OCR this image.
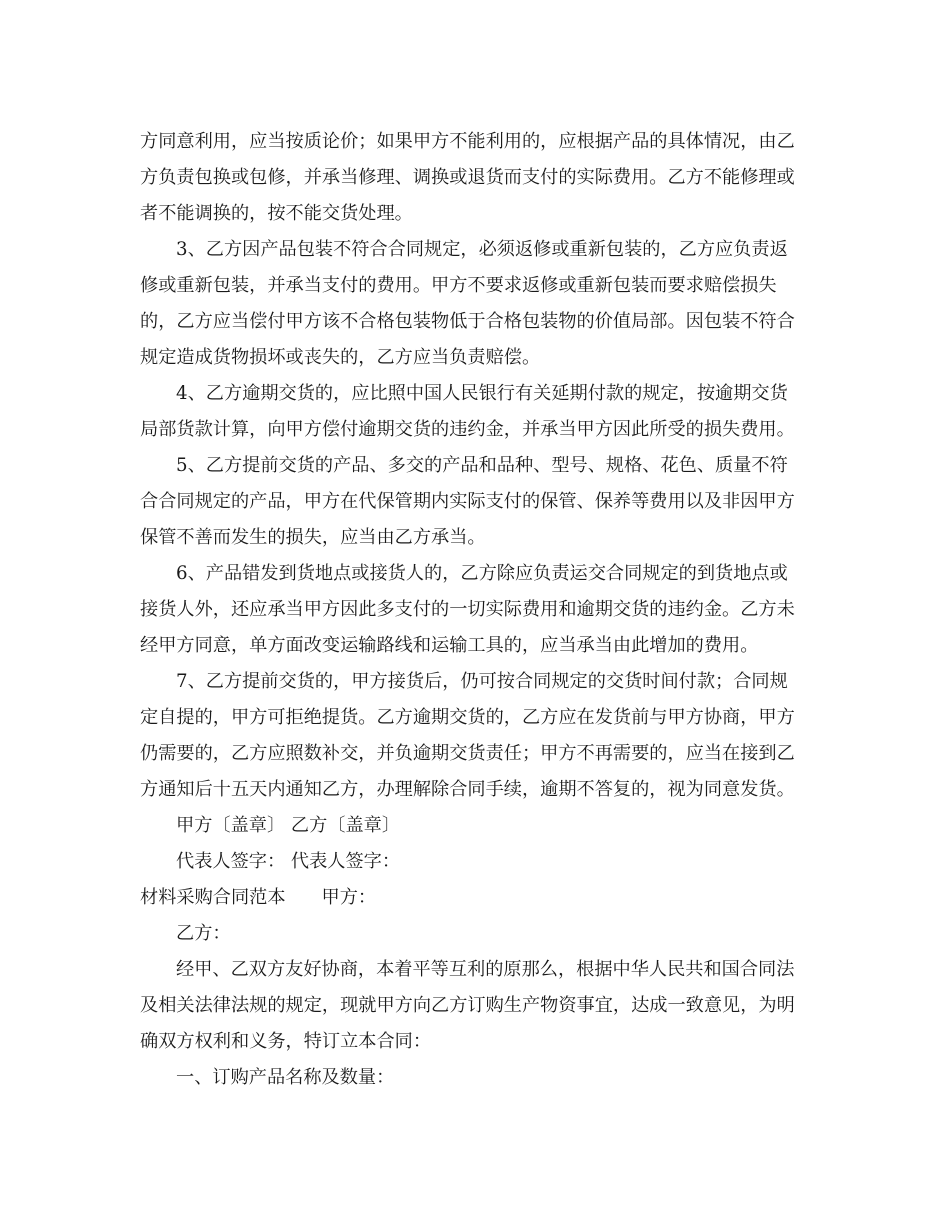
方同意利用，应当按质论价；如果甲方不能利用的，应根据产品的具体情况，由乙
方负责包换或包修，并承当修理、调换或退货而支付的实际费用。乙方不能修理或
者不能调换的，按不能交货处理。
3、乙方因产品包装不符合合同规定，必须返修或重新包装的，乙方应负责返
修或重新包装，并承当支付的费用。甲方不要求返修或重新包装而要求赔偿损失
的，乙方应当偿付甲方该不合格包装物低于合格包装物的价值局部。因包装不符合
规定造成货物损坏或丧失的，乙方应当负责赔偿。
4、乙方逾期交货的，应比照中国人民银行有关延期付款的规定，按逾期交货
局部货款计算，向甲方偿付逾期交货的违约金，并承当甲方因此所受的损失费用。
5、乙方提前交货的产品、多交的产品和品种、型号、规格、花色、质量不符
合合同规定的产品，甲方在代保管期内实际支付的保管、保养等费用以及非因甲方
保管不善而发生的损失，应当由乙方承当。
6、产品错发到货地点或接货人的，乙方除应负责运交合同规定的到货地点或
接货人外，还应承当甲方因此多支付的一切实际费用和逾期交货的违约金。乙方未
经甲方同意，单方面改变运输路线和运输工具的，应当承当由此增加的费用。
7、乙方提前交货的，甲方接货后，仍可按合同规定的交货时间付款；合同规
定自提的，甲方可拒绝提货。乙方逾期交货的，乙方应在发货前与甲方协商，甲方
仍需要的，乙方应照数补交，并负逾期交货责任；甲方不再需要的，应当在接到乙
方通知后十五天内通知乙方，办理解除合同手续，逾期不答复的，视为同意发货。
甲方〔盖章〕 乙方〔盖章〕
代表人签字： 代表人签字：
材料采购合同范本 甲方：
乙方：
经甲、乙双方友好协商，本着平等互利的原那么，根据中华人民共和国合同法
及相关法律法规的规定，现就甲方向乙方订购生产物资事宜，达成一致意见，为明
确双方权利和义务，特订立本合同：
一、订购产品名称及数量：
